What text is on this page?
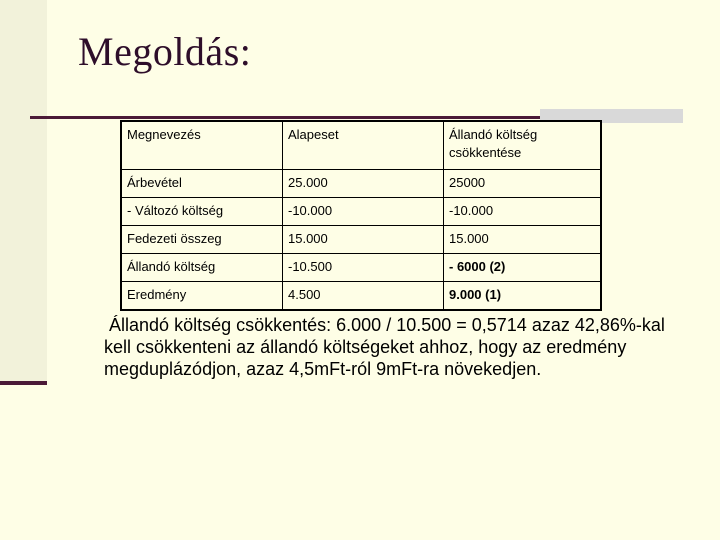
Megoldás:
Megnevezés	Alapeset	Állandó költség csökkentése
Árbevétel	25.000	25000
- Változó költség	-10.000	-10.000
Fedezeti összeg	15.000	15.000
Állandó költség	-10.500	- 6000 (2)
Eredmény	4.500	9.000 (1)
Állandó költség csökkentés: 6.000 / 10.500 = 0,5714 azaz 42,86%-kal kell csökkenteni az állandó költségeket ahhoz, hogy az eredmény megduplázódjon, azaz 4,5mFt-ról 9mFt-ra növekedjen.
